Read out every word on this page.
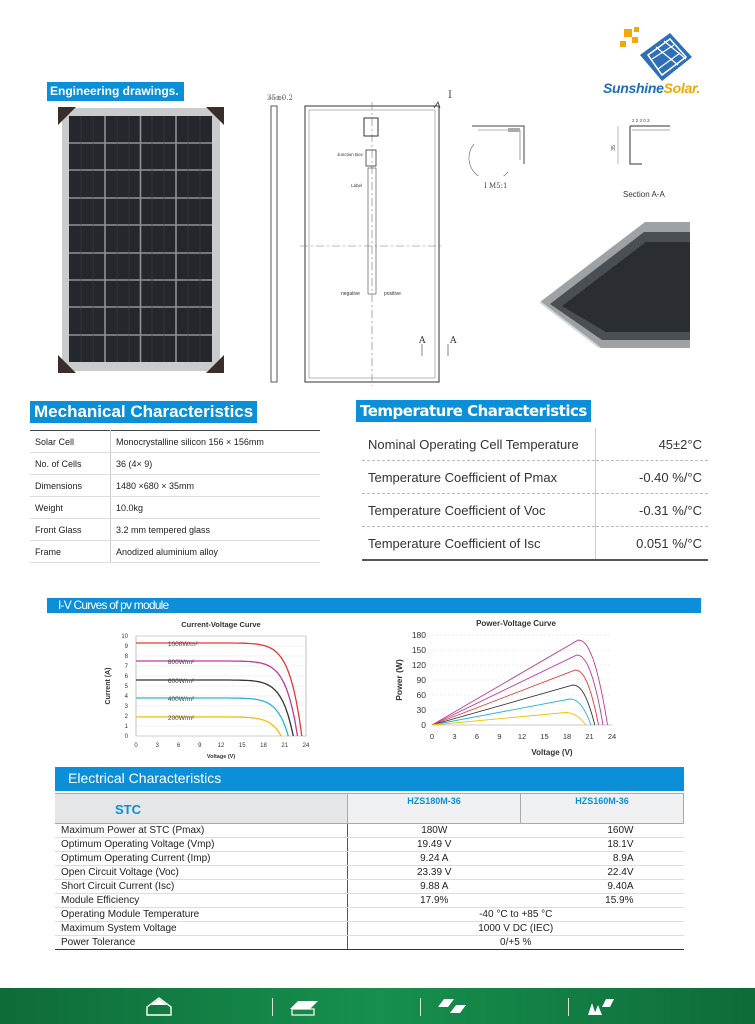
Engineering drawings.	SunshineSolar.
35±0.2	I
Junction Box
Label
negative	positive
A	A
I M5:1
2 2 3 0.3
35
Section A-A
Mechanical Characteristics
Solar Cell	Monocrystalline silicon 156 × 156mm
No. of Cells	36 (4× 9)
Dimensions	1480 ×680 × 35mm
Weight	10.0kg
Front Glass	3.2 mm tempered glass
Frame	Anodized aluminium alloy
Temperature Characteristics
Nominal Operating Cell Temperature	45±2°C
Temperature Coefficient of Pmax	-0.40 %/°C
Temperature Coefficient of Voc	-0.31 %/°C
Temperature Coefficient of Isc	0.051 %/°C
I-V Curves of pv module
Current-Voltage Curve
0
1
2
3
4
5
6
7
8
9
10
0	3	6	9	12 15 18 21 24
Voltage (V)
Current (A)
1000W/m²
800W/m²
600W/m²
400W/m²
200W/m²
Power-Voltage Curve
0
30
60
90
120
150
180
0 3 6 9 12 15 18 21 24
Voltage (V)
Power (W)
Electrical Characteristics
STC	HZS180M-36	HZS160M-36
Maximum Power at STC (Pmax)	180W	160W
Optimum Operating Voltage (Vmp)	19.49 V	18.1V
Optimum Operating Current (Imp)	9.24 A	8.9A
Open Circuit Voltage (Voc)	23.39 V	22.4V
Short Circuit Current (Isc)	9.88 A	9.40A
Module Efficiency	17.9%	15.9%
Operating Module Temperature	-40 °C to +85 °C	
Maximum System Voltage	1000 V DC (IEC)	
Power Tolerance	0/+5 %	
